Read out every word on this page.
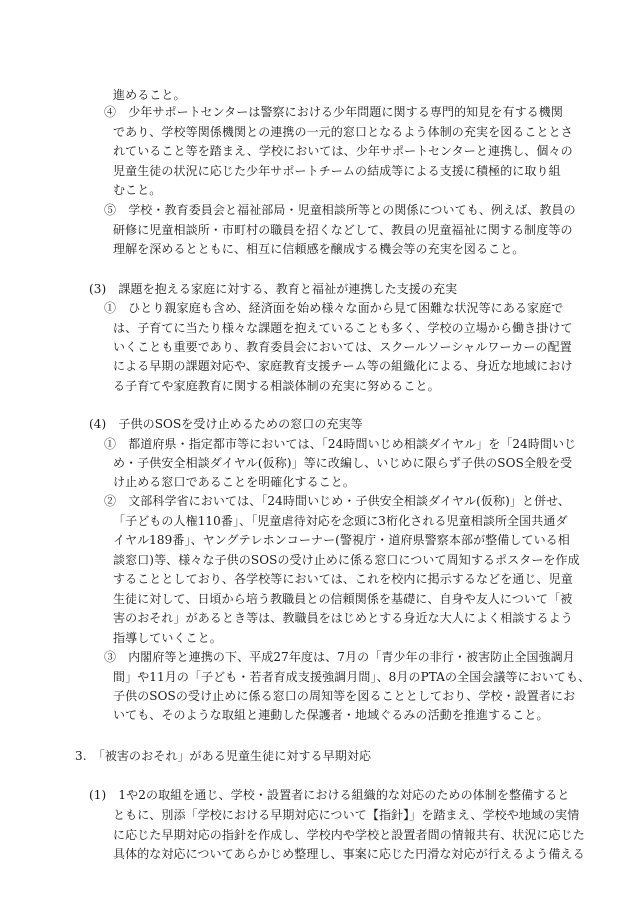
進めること。
④　少年サポートセンターは警察における少年問題に関する専門的知見を有する機関
であり、学校等関係機関との連携の一元的窓口となるよう体制の充実を図ることとさ
れていること等を踏まえ、学校においては、少年サポートセンターと連携し、個々の
児童生徒の状況に応じた少年サポートチームの結成等による支援に積極的に取り組
むこと。
⑤　学校・教育委員会と福祉部局・児童相談所等との関係についても、例えば、教員の
研修に児童相談所・市町村の職員を招くなどして、教員の児童福祉に関する制度等の
理解を深めるとともに、相互に信頼感を醸成する機会等の充実を図ること。
(3)　課題を抱える家庭に対する、教育と福祉が連携した支援の充実
①　ひとり親家庭も含め、経済面を始め様々な面から見て困難な状況等にある家庭で
は、子育てに当たり様々な課題を抱えていることも多く、学校の立場から働き掛けて
いくことも重要であり、教育委員会においては、スクールソーシャルワーカーの配置
による早期の課題対応や、家庭教育支援チーム等の組織化による、身近な地域におけ
る子育てや家庭教育に関する相談体制の充実に努めること。
(4)　子供のSOSを受け止めるための窓口の充実等
①　都道府県・指定都市等においては、「24時間いじめ相談ダイヤル」を「24時間いじ
め・子供安全相談ダイヤル(仮称)」等に改編し、いじめに限らず子供のSOS全般を受
け止める窓口であることを明確化すること。
②　文部科学省においては、「24時間いじめ・子供安全相談ダイヤル(仮称)」と併せ、
「子どもの人権110番」、「児童虐待対応を念頭に3桁化される児童相談所全国共通ダ
イヤル189番」、ヤングテレホンコーナー(警視庁・道府県警察本部が整備している相
談窓口)等、様々な子供のSOSの受け止めに係る窓口について周知するポスターを作成
することとしており、各学校等においては、これを校内に掲示するなどを通じ、児童
生徒に対して、日頃から培う教職員との信頼関係を基礎に、自身や友人について「被
害のおそれ」があるとき等は、教職員をはじめとする身近な大人によく相談するよう
指導していくこと。
③　内閣府等と連携の下、平成27年度は、7月の「青少年の非行・被害防止全国強調月
間」や11月の「子ども・若者育成支援強調月間」、8月のPTAの全国会議等においても、
子供のSOSの受け止めに係る窓口の周知等を図ることとしており、学校・設置者にお
いても、そのような取組と連動した保護者・地域ぐるみの活動を推進すること。
3.　「被害のおそれ」がある児童生徒に対する早期対応
(1)　1や2の取組を通じ、学校・設置者における組織的な対応のための体制を整備すると
ともに、別添「学校における早期対応について【指針】」を踏まえ、学校や地域の実情
に応じた早期対応の指針を作成し、学校内や学校と設置者間の情報共有、状況に応じた
具体的な対応についてあらかじめ整理し、事案に応じた円滑な対応が行えるよう備える
